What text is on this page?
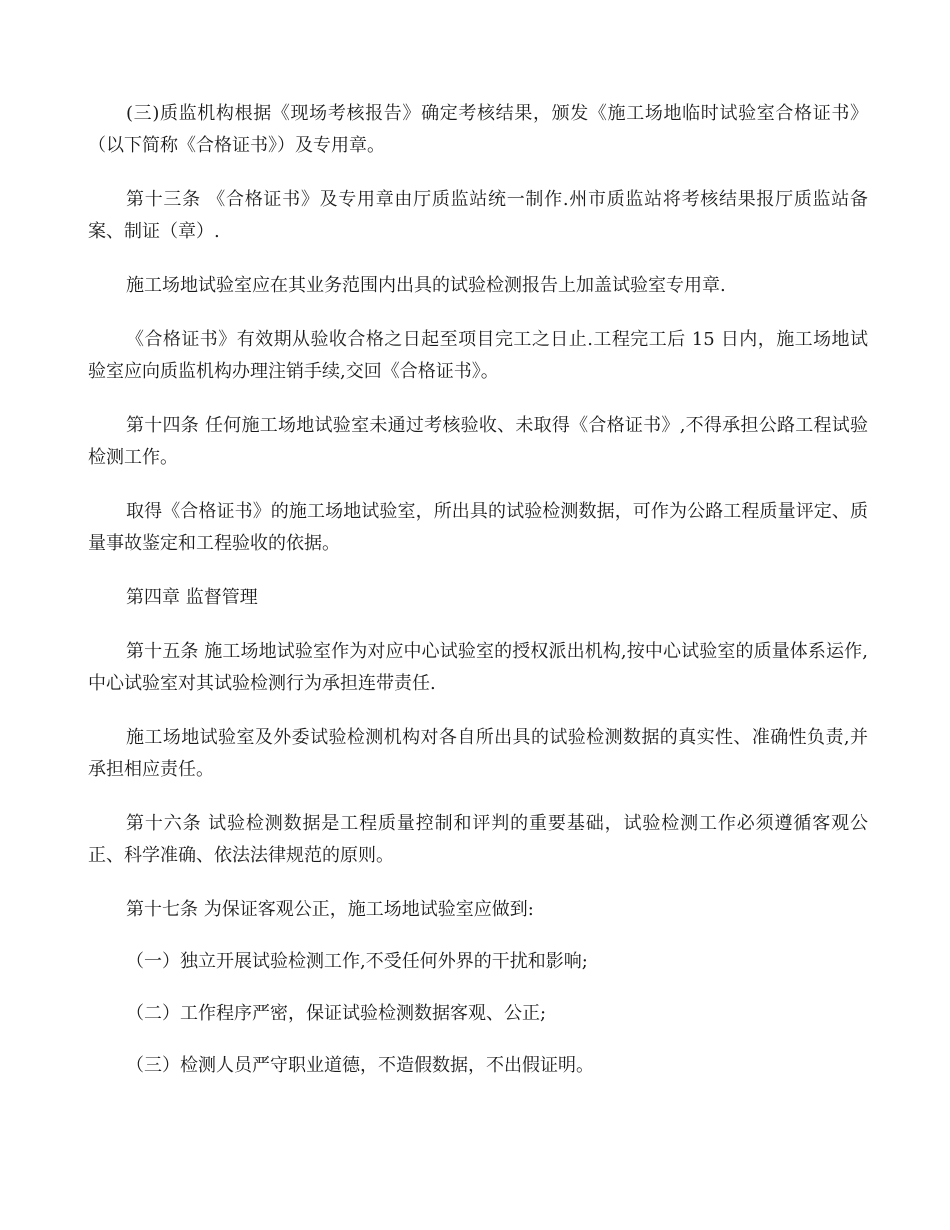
(三)质监机构根据《现场考核报告》确定考核结果，颁发《施工场地临时试验室合格证书》（以下简称《合格证书》）及专用章。

第十三条 《合格证书》及专用章由厅质监站统一制作.州市质监站将考核结果报厅质监站备案、制证（章）.

施工场地试验室应在其业务范围内出具的试验检测报告上加盖试验室专用章.

《合格证书》有效期从验收合格之日起至项目完工之日止.工程完工后 15 日内，施工场地试验室应向质监机构办理注销手续,交回《合格证书》。

第十四条 任何施工场地试验室未通过考核验收、未取得《合格证书》,不得承担公路工程试验检测工作。

取得《合格证书》的施工场地试验室，所出具的试验检测数据，可作为公路工程质量评定、质量事故鉴定和工程验收的依据。

第四章 监督管理

第十五条 施工场地试验室作为对应中心试验室的授权派出机构,按中心试验室的质量体系运作,中心试验室对其试验检测行为承担连带责任.

施工场地试验室及外委试验检测机构对各自所出具的试验检测数据的真实性、准确性负责,并承担相应责任。

第十六条 试验检测数据是工程质量控制和评判的重要基础，试验检测工作必须遵循客观公正、科学准确、依法法律规范的原则。

第十七条 为保证客观公正，施工场地试验室应做到:

（一）独立开展试验检测工作,不受任何外界的干扰和影响;

（二）工作程序严密，保证试验检测数据客观、公正;

（三）检测人员严守职业道德，不造假数据，不出假证明。
